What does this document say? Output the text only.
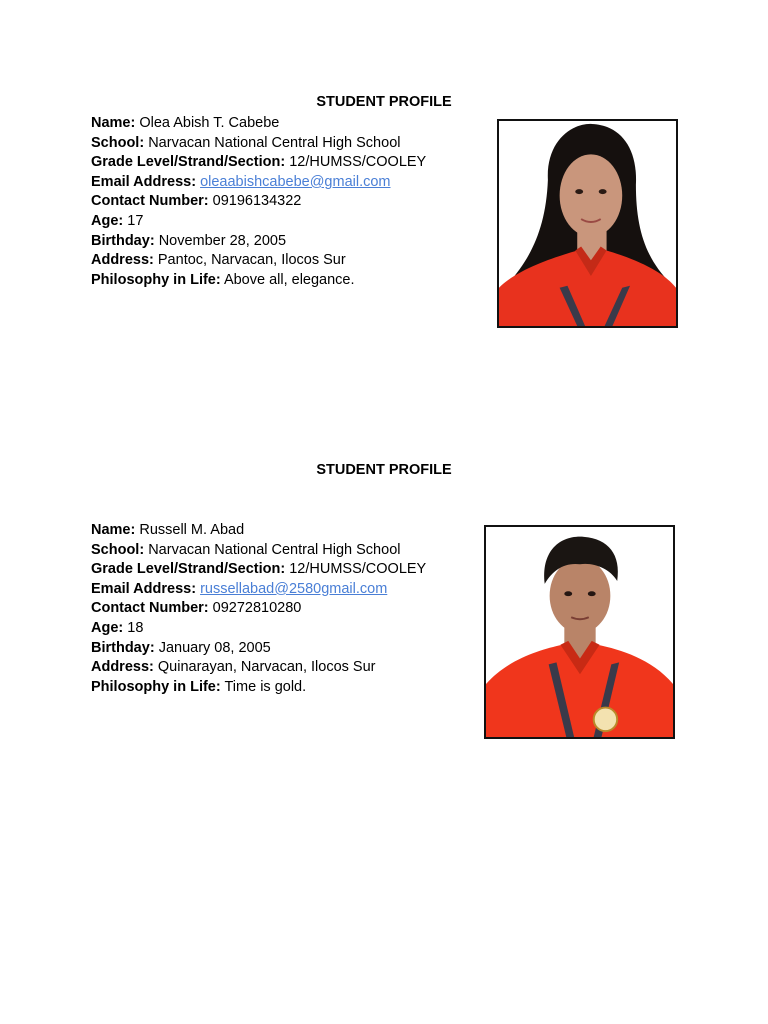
STUDENT PROFILE
Name: Olea Abish T. Cabebe
School: Narvacan National Central High School
Grade Level/Strand/Section: 12/HUMSS/COOLEY
Email Address: oleaabishcabebe@gmail.com
Contact Number: 09196134322
Age: 17
Birthday: November 28, 2005
Address: Pantoc, Narvacan, Ilocos Sur
Philosophy in Life: Above all, elegance.
STUDENT PROFILE
Name: Russell M. Abad
School: Narvacan National Central High School
Grade Level/Strand/Section: 12/HUMSS/COOLEY
Email Address: russellabad@2580gmail.com
Contact Number: 09272810280
Age: 18
Birthday: January 08, 2005
Address: Quinarayan, Narvacan, Ilocos Sur
Philosophy in Life: Time is gold.
